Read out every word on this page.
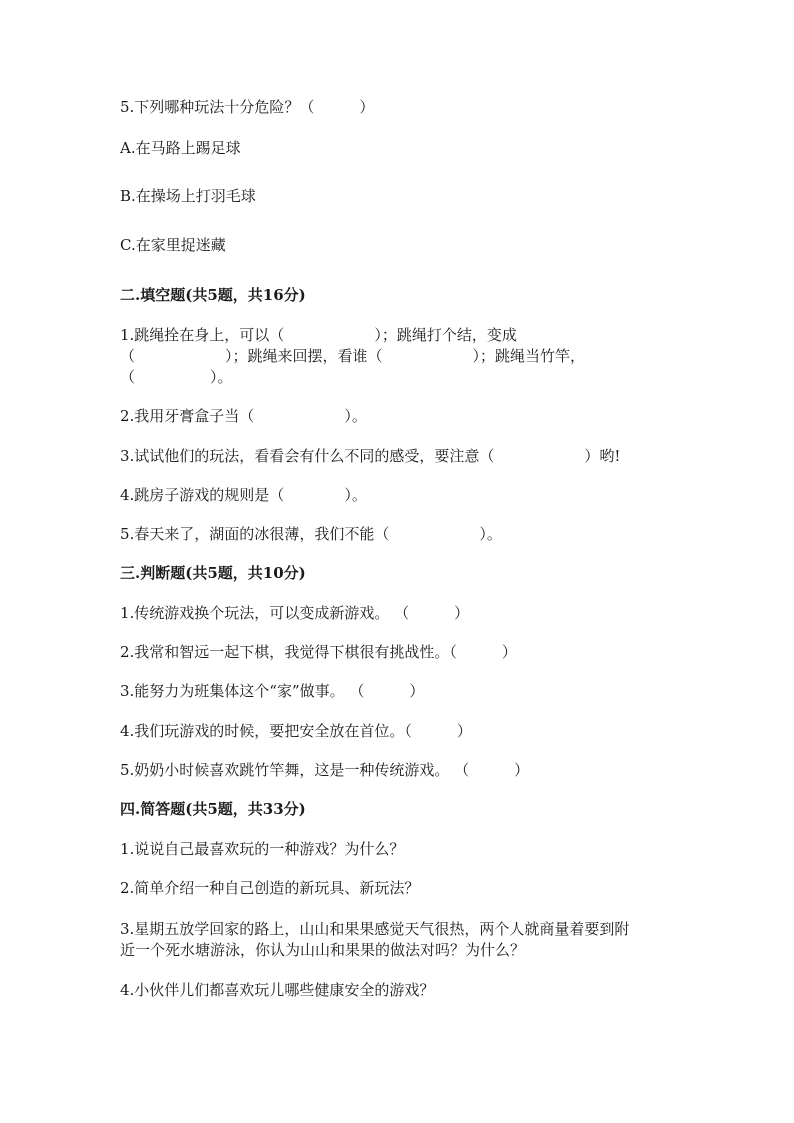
5.下列哪种玩法十分危险？（　　　）
A.在马路上踢足球
B.在操场上打羽毛球
C.在家里捉迷藏
二.填空题(共5题，共16分)
1.跳绳拴在身上，可以（　　　　　　）；跳绳打个结，变成
（　　　　　　）；跳绳来回摆，看谁（　　　　　　）；跳绳当竹竿，
（　　　　　）。
2.我用牙膏盒子当（　　　　　　）。
3.试试他们的玩法，看看会有什么不同的感受，要注意（　　　　　　）哟!
4.跳房子游戏的规则是（　　　　）。
5.春天来了，湖面的冰很薄，我们不能（　　　　　　）。
三.判断题(共5题，共10分)
1.传统游戏换个玩法，可以变成新游戏。 （　　　）
2.我常和智远一起下棋，我觉得下棋很有挑战性。（　　　）
3.能努力为班集体这个“家”做事。 （　　　）
4.我们玩游戏的时候，要把安全放在首位。（　　　）
5.奶奶小时候喜欢跳竹竿舞，这是一种传统游戏。 （　　　）
四.简答题(共5题，共33分)
1.说说自己最喜欢玩的一种游戏？为什么？
2.简单介绍一种自己创造的新玩具、新玩法？
3.星期五放学回家的路上，山山和果果感觉天气很热，两个人就商量着要到附
近一个死水塘游泳，你认为山山和果果的做法对吗？为什么？
4.小伙伴儿们都喜欢玩儿哪些健康安全的游戏？
